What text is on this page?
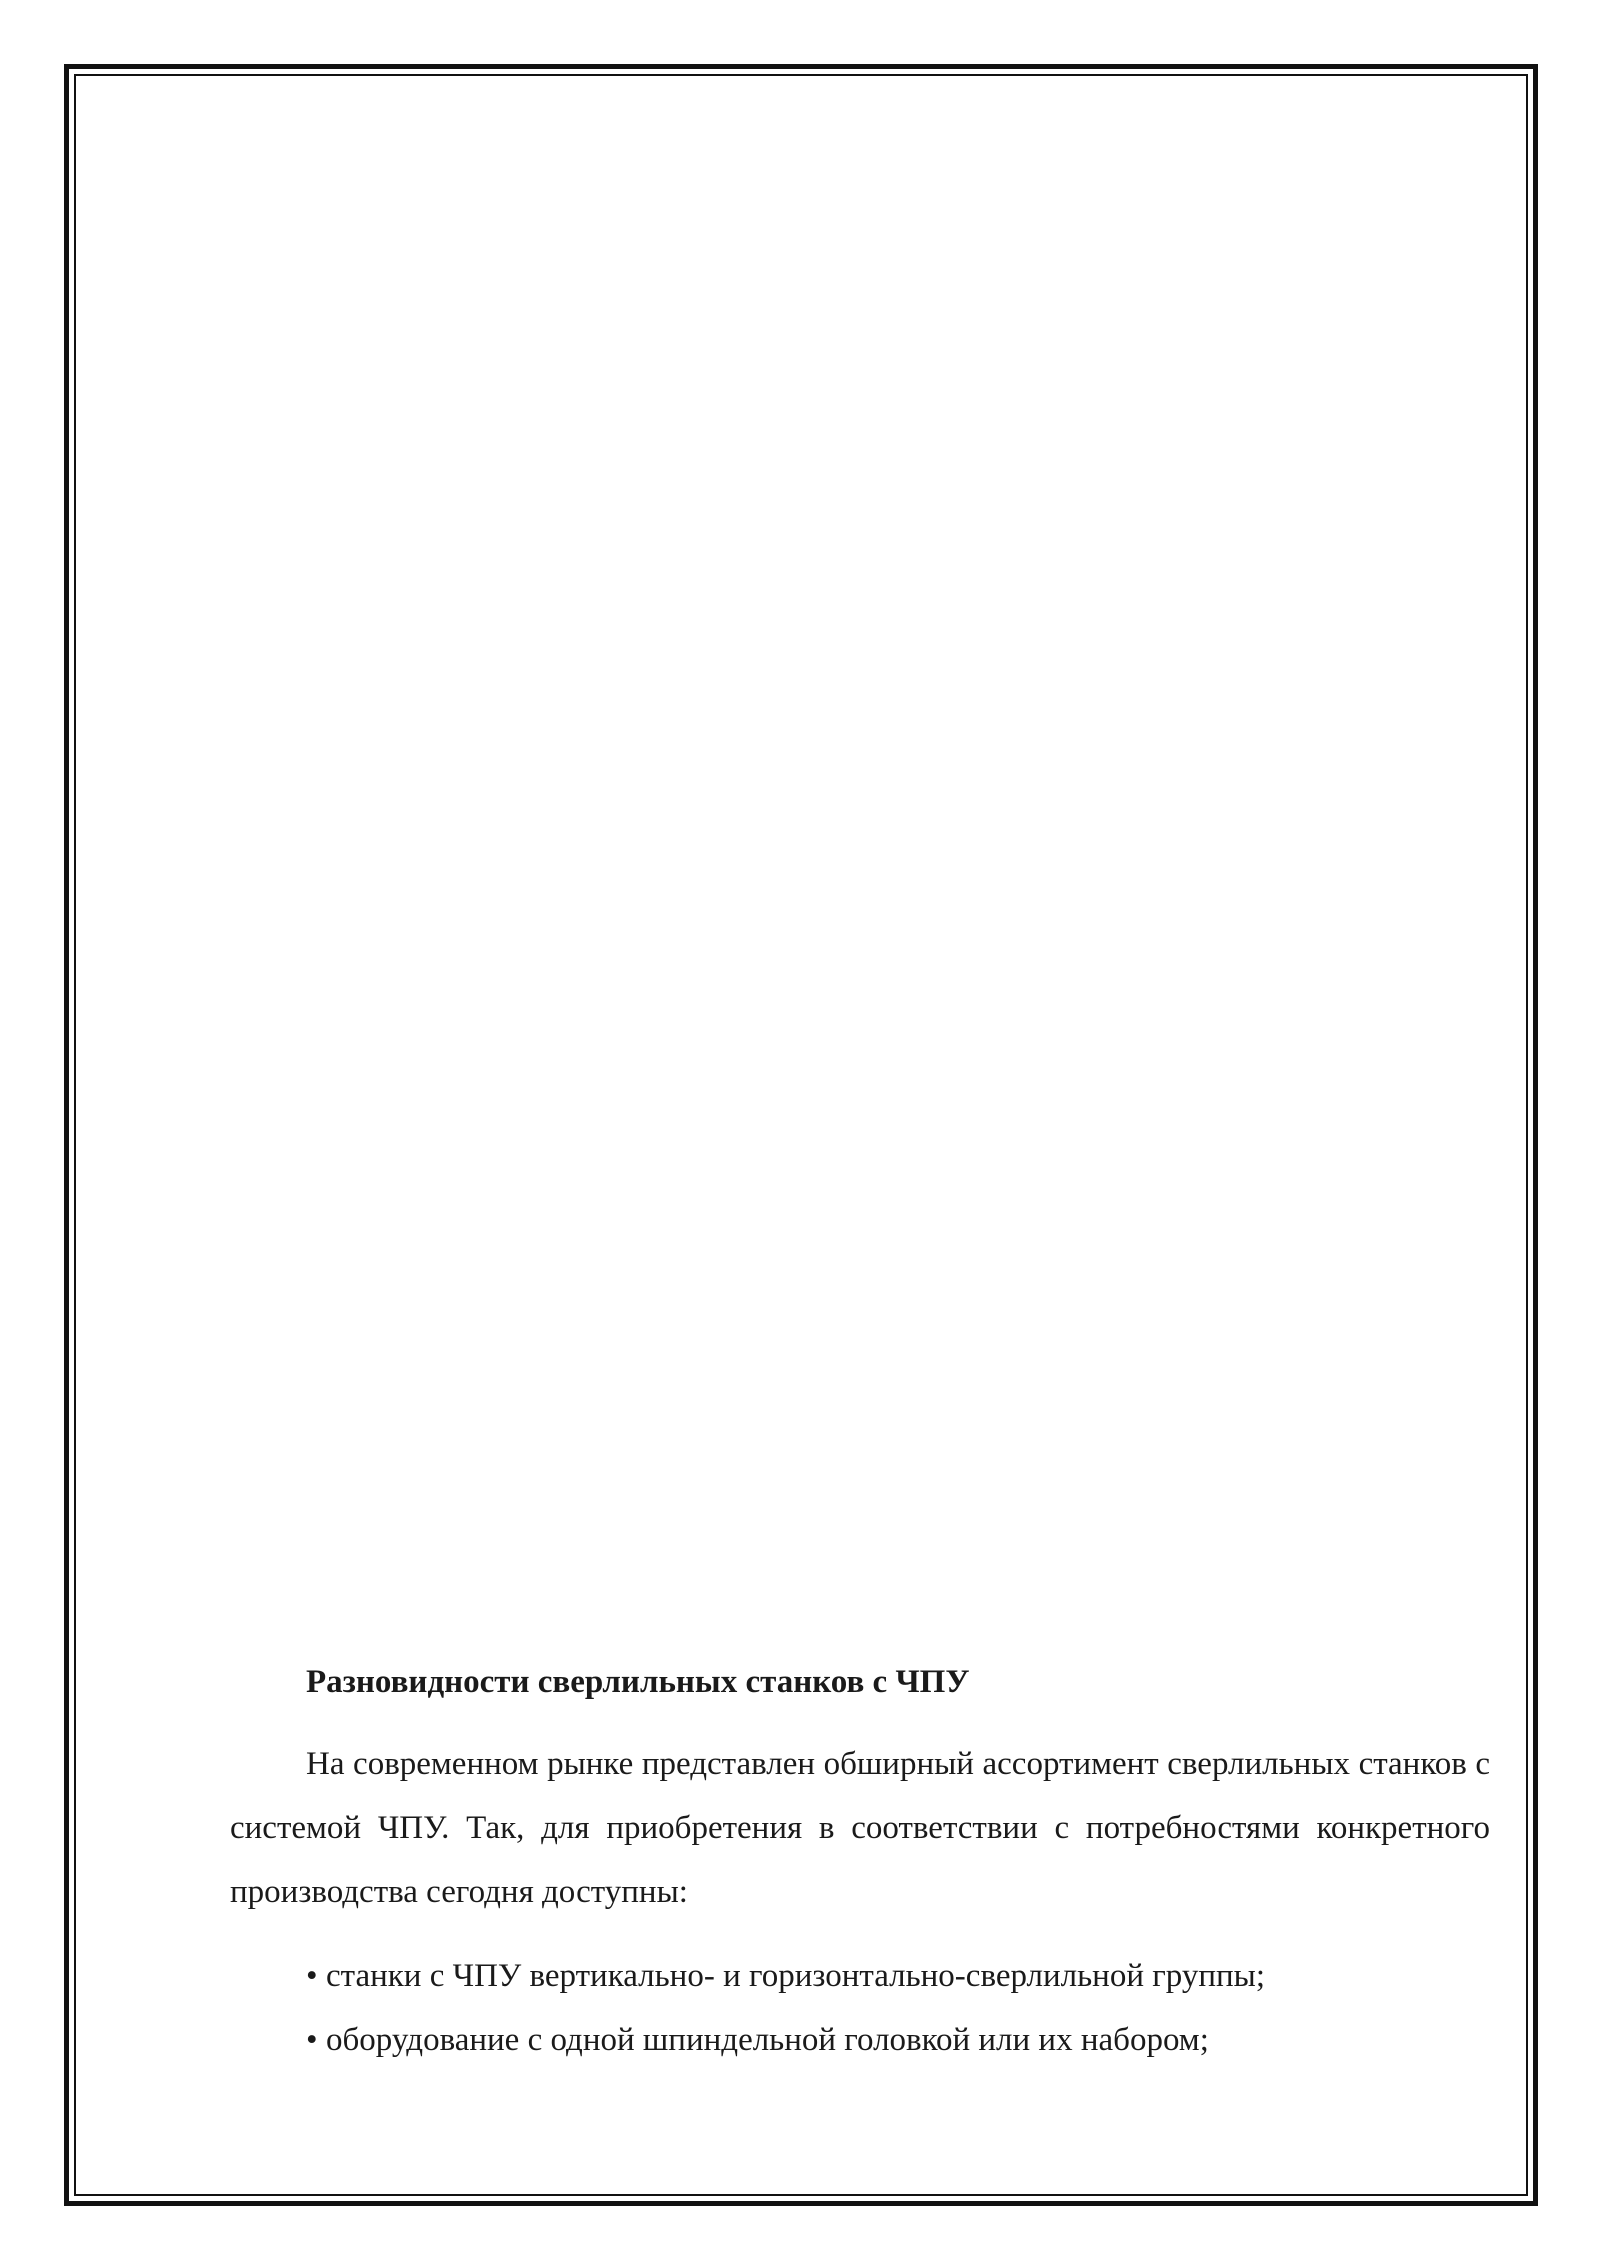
Разновидности сверлильных станков с ЧПУ

На современном рынке представлен обширный ассортимент сверлильных станков с системой ЧПУ. Так, для приобретения в соответствии с потребностями конкретного производства сегодня доступны:

• станки с ЧПУ вертикально- и горизонтально-сверлильной группы;
• оборудование с одной шпиндельной головкой или их набором;
